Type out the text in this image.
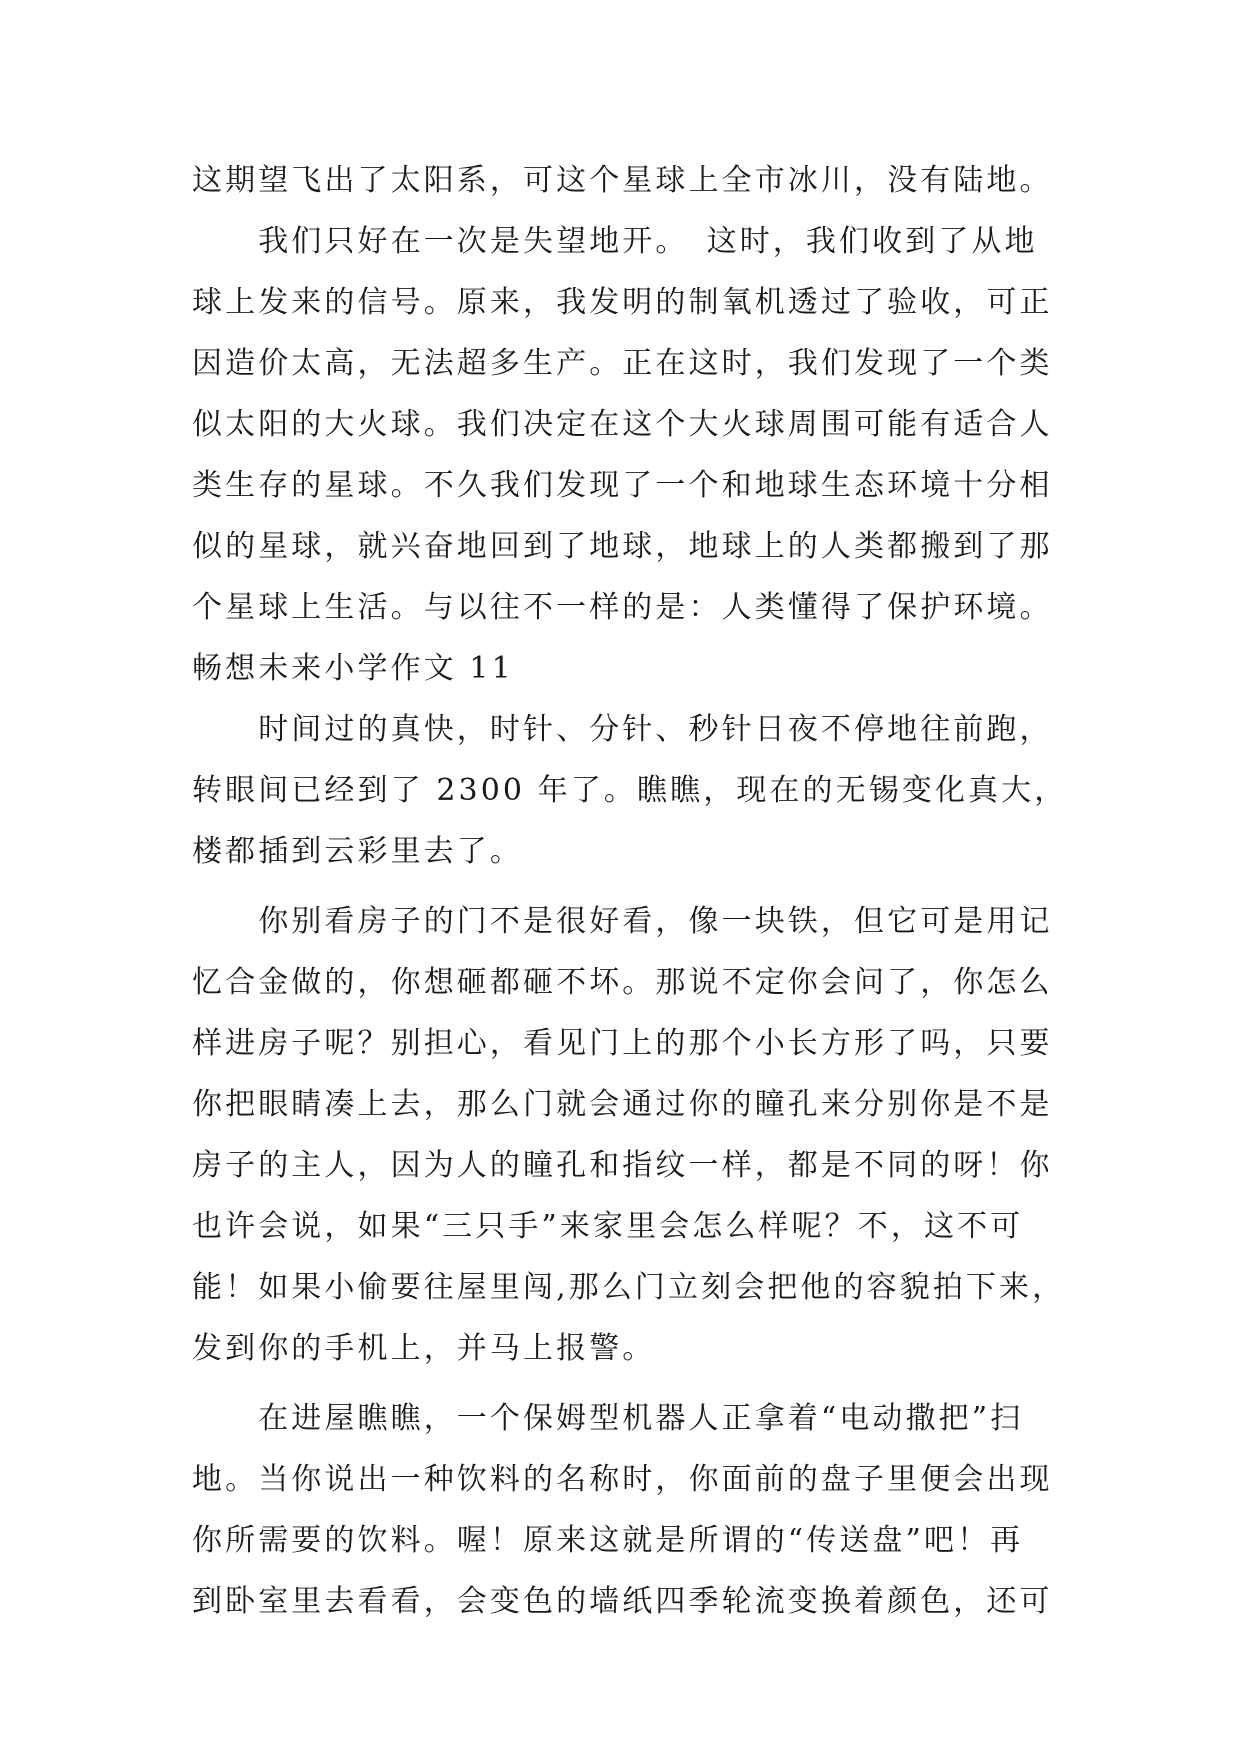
这期望飞出了太阳系，可这个星球上全市冰川，没有陆地。
　　我们只好在一次是失望地开。　这时，我们收到了从地
球上发来的信号。原来，我发明的制氧机透过了验收，可正
因造价太高，无法超多生产。正在这时，我们发现了一个类
似太阳的大火球。我们决定在这个大火球周围可能有适合人
类生存的星球。不久我们发现了一个和地球生态环境十分相
似的星球，就兴奋地回到了地球，地球上的人类都搬到了那
个星球上生活。与以往不一样的是：人类懂得了保护环境。
畅想未来小学作文 11
　　时间过的真快，时针、分针、秒针日夜不停地往前跑，
转眼间已经到了 2300 年了。瞧瞧，现在的无锡变化真大，
楼都插到云彩里去了。
　　你别看房子的门不是很好看，像一块铁，但它可是用记
忆合金做的，你想砸都砸不坏。那说不定你会问了，你怎么
样进房子呢？别担心，看见门上的那个小长方形了吗，只要
你把眼睛凑上去，那么门就会通过你的瞳孔来分别你是不是
房子的主人，因为人的瞳孔和指纹一样，都是不同的呀！你
也许会说，如果“三只手”来家里会怎么样呢？不，这不可
能！如果小偷要往屋里闯,那么门立刻会把他的容貌拍下来，
发到你的手机上，并马上报警。
　　在进屋瞧瞧，一个保姆型机器人正拿着“电动撒把”扫
地。当你说出一种饮料的名称时，你面前的盘子里便会出现
你所需要的饮料。喔！原来这就是所谓的“传送盘”吧！再
到卧室里去看看，会变色的墙纸四季轮流变换着颜色，还可
